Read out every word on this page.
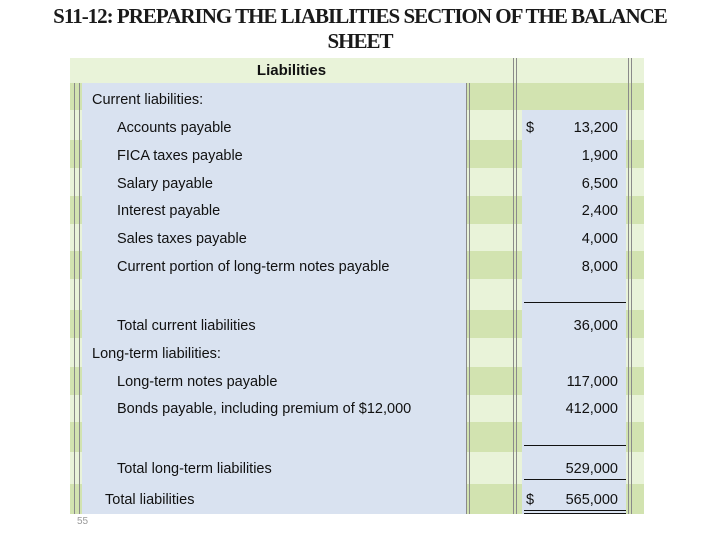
S11-12: PREPARING THE LIABILITIES SECTION OF THE BALANCE SHEET
Liabilities
Current liabilities:
Accounts payable	$	13,200
FICA taxes payable	1,900
Salary payable	6,500
Interest payable	2,400
Sales taxes payable	4,000
Current portion of long-term notes payable	8,000
Total current liabilities	36,000
Long-term liabilities:
Long-term notes payable	117,000
Bonds payable, including premium of $12,000	412,000
Total long-term liabilities	529,000
Total liabilities	$	565,000
55
